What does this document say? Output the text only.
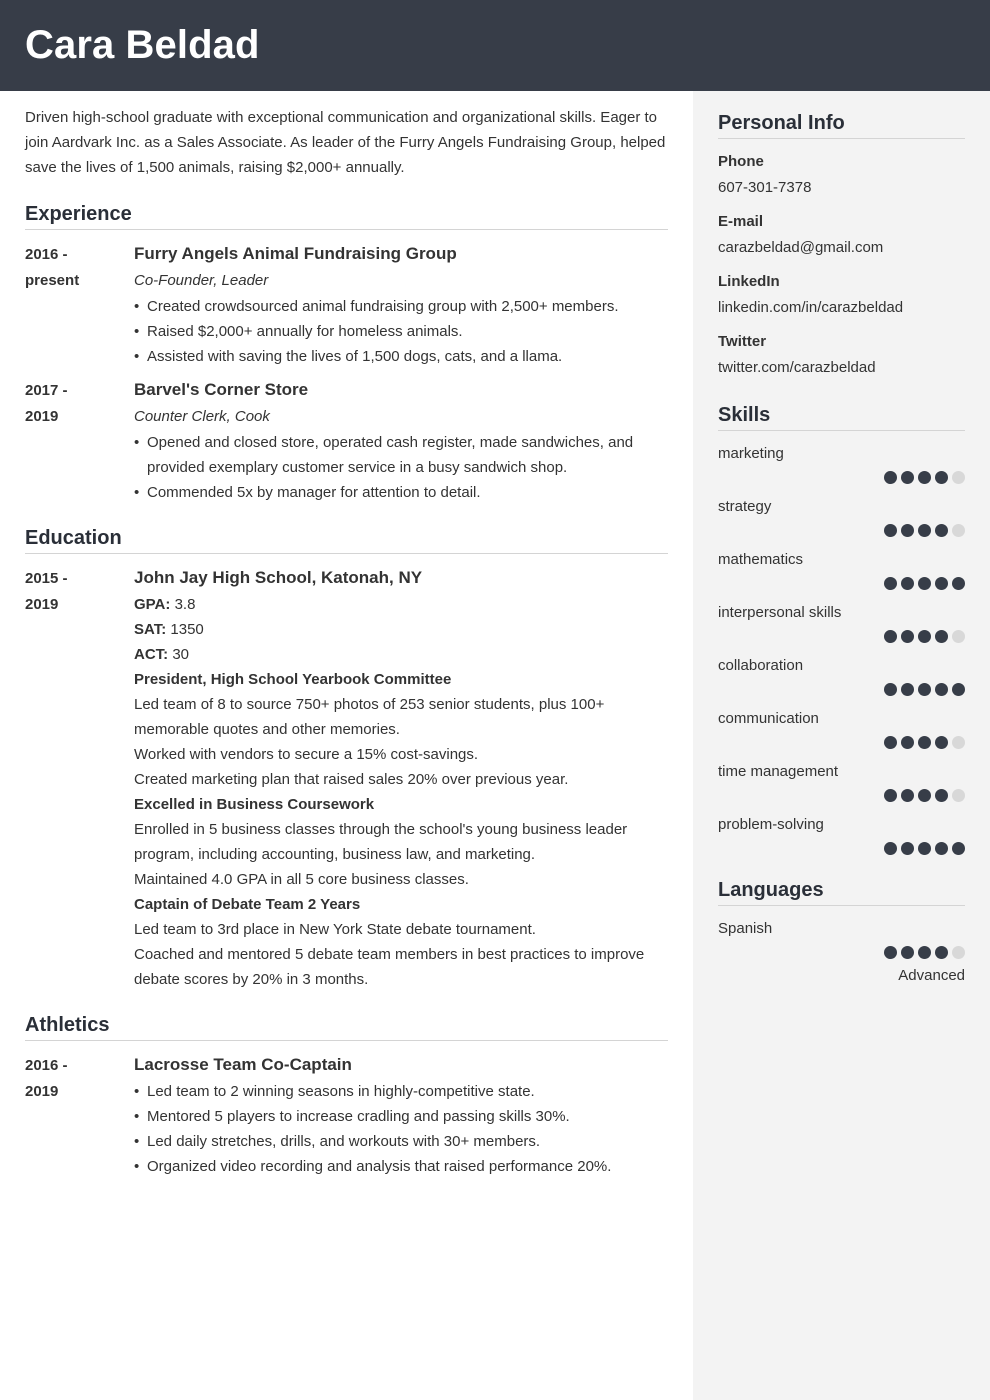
Cara Beldad

Driven high-school graduate with exceptional communication and organizational skills. Eager to join Aardvark Inc. as a Sales Associate. As leader of the Furry Angels Fundraising Group, helped save the lives of 1,500 animals, raising $2,000+ annually.

Experience
2016 -
present
Furry Angels Animal Fundraising Group
Co-Founder, Leader
• Created crowdsourced animal fundraising group with 2,500+ members.
• Raised $2,000+ annually for homeless animals.
• Assisted with saving the lives of 1,500 dogs, cats, and a llama.
2017 -
2019
Barvel's Corner Store
Counter Clerk, Cook
• Opened and closed store, operated cash register, made sandwiches, and provided exemplary customer service in a busy sandwich shop.
• Commended 5x by manager for attention to detail.
Education
2015 -
2019
John Jay High School, Katonah, NY
GPA: 3.8
SAT: 1350
ACT: 30
President, High School Yearbook Committee
Led team of 8 to source 750+ photos of 253 senior students, plus 100+ memorable quotes and other memories.
Worked with vendors to secure a 15% cost-savings.
Created marketing plan that raised sales 20% over previous year.
Excelled in Business Coursework
Enrolled in 5 business classes through the school's young business leader program, including accounting, business law, and marketing.
Maintained 4.0 GPA in all 5 core business classes.
Captain of Debate Team 2 Years
Led team to 3rd place in New York State debate tournament.
Coached and mentored 5 debate team members in best practices to improve debate scores by 20% in 3 months.
Athletics
2016 -
2019
Lacrosse Team Co-Captain
• Led team to 2 winning seasons in highly-competitive state.
• Mentored 5 players to increase cradling and passing skills 30%.
• Led daily stretches, drills, and workouts with 30+ members.
• Organized video recording and analysis that raised performance 20%.
Personal Info
Phone
607-301-7378
E-mail
carazbeldad@gmail.com
LinkedIn
linkedin.com/in/carazbeldad
Twitter
twitter.com/carazbeldad
Skills
marketing
strategy
mathematics
interpersonal skills
collaboration
communication
time management
problem-solving
Languages
Spanish
Advanced
